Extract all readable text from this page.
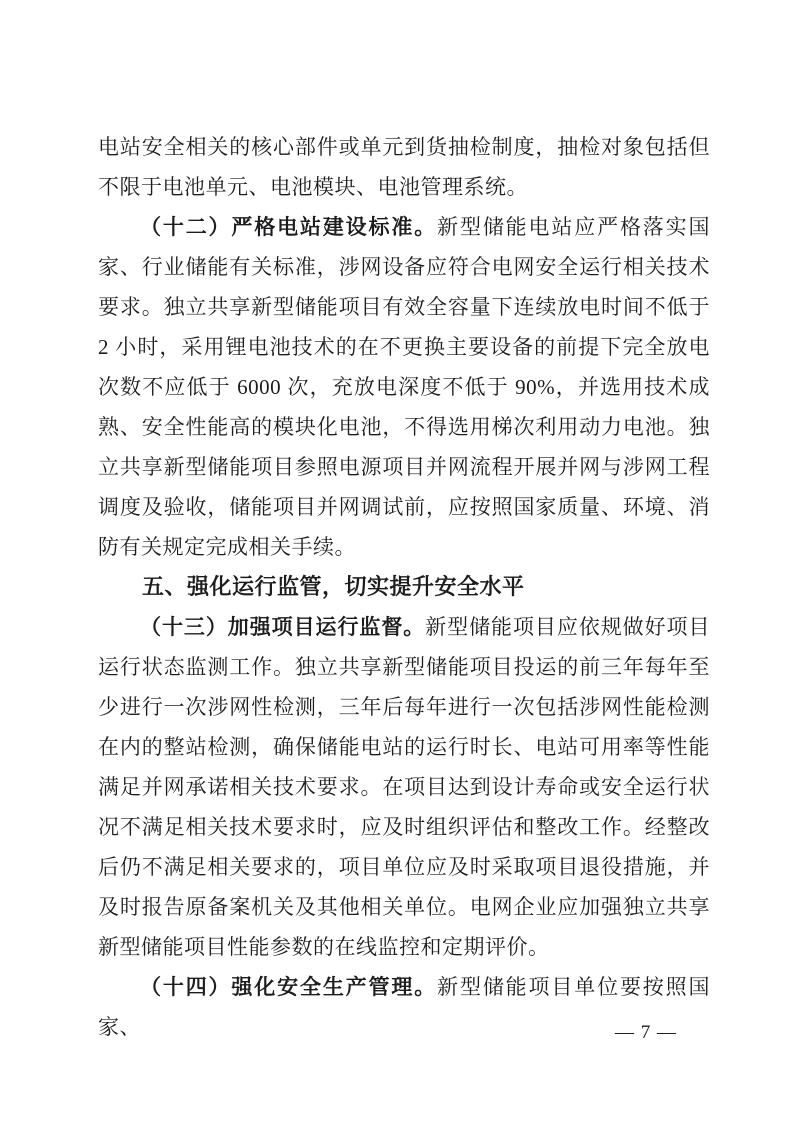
电站安全相关的核心部件或单元到货抽检制度，抽检对象包括但不限于电池单元、电池模块、电池管理系统。

（十二）严格电站建设标准。新型储能电站应严格落实国家、行业储能有关标准，涉网设备应符合电网安全运行相关技术要求。独立共享新型储能项目有效全容量下连续放电时间不低于 2 小时，采用锂电池技术的在不更换主要设备的前提下完全放电次数不应低于 6000 次，充放电深度不低于 90%，并选用技术成熟、安全性能高的模块化电池，不得选用梯次利用动力电池。独立共享新型储能项目参照电源项目并网流程开展并网与涉网工程调度及验收，储能项目并网调试前，应按照国家质量、环境、消防有关规定完成相关手续。

五、强化运行监管，切实提升安全水平

（十三）加强项目运行监督。新型储能项目应依规做好项目运行状态监测工作。独立共享新型储能项目投运的前三年每年至少进行一次涉网性检测，三年后每年进行一次包括涉网性能检测在内的整站检测，确保储能电站的运行时长、电站可用率等性能满足并网承诺相关技术要求。在项目达到设计寿命或安全运行状况不满足相关技术要求时，应及时组织评估和整改工作。经整改后仍不满足相关要求的，项目单位应及时采取项目退役措施，并及时报告原备案机关及其他相关单位。电网企业应加强独立共享新型储能项目性能参数的在线监控和定期评价。

（十四）强化安全生产管理。新型储能项目单位要按照国家、	— 7 —
